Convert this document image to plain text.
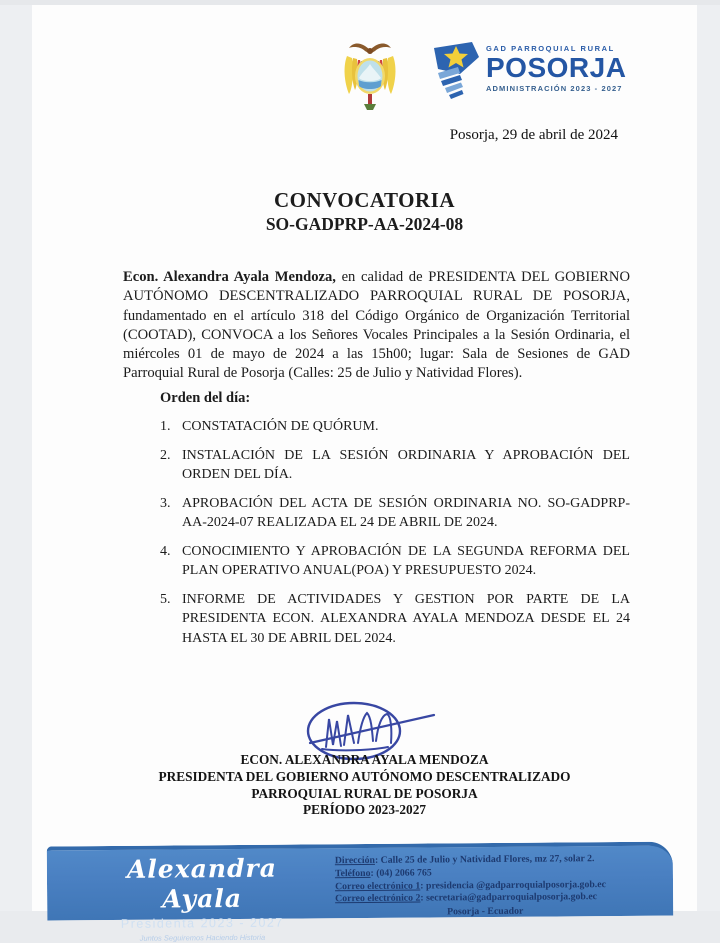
GAD PARROQUIAL RURAL
POSORJA
ADMINISTRACIÓN 2023 - 2027
Posorja, 29 de abril de 2024
CONVOCATORIA
SO-GADPRP-AA-2024-08

Econ. Alexandra Ayala Mendoza, en calidad de PRESIDENTA DEL GOBIERNO AUTÓNOMO DESCENTRALIZADO PARROQUIAL RURAL DE POSORJA, fundamentado en el artículo 318 del Código Orgánico de Organización Territorial (COOTAD), CONVOCA a los Señores Vocales Principales a la Sesión Ordinaria, el miércoles 01 de mayo de 2024 a las 15h00; lugar: Sala de Sesiones de GAD Parroquial Rural de Posorja (Calles: 25 de Julio y Natividad Flores).

Orden del día:
CONSTATACIÓN DE QUÓRUM.
INSTALACIÓN DE LA SESIÓN ORDINARIA Y APROBACIÓN DEL ORDEN DEL DÍA.
APROBACIÓN DEL ACTA DE SESIÓN ORDINARIA NO. SO-GADPRP- AA-2024-07 REALIZADA EL 24 DE ABRIL DE 2024.
CONOCIMIENTO Y APROBACIÓN DE LA SEGUNDA REFORMA DEL PLAN OPERATIVO ANUAL(POA) Y PRESUPUESTO 2024.
INFORME DE ACTIVIDADES Y GESTION POR PARTE DE LA PRESIDENTA ECON. ALEXANDRA AYALA MENDOZA DESDE EL 24 HASTA EL 30 DE ABRIL DEL 2024.
ECON. ALEXANDRA AYALA MENDOZA
PRESIDENTA DEL GOBIERNO AUTÓNOMO DESCENTRALIZADO
PARROQUIAL RURAL DE POSORJA
PERÍODO 2023-2027
Alexandra Ayala
Presidenta 2023 - 2027
Juntos Seguiremos Haciendo Historia
Dirección: Calle 25 de Julio y Natividad Flores, mz 27, solar 2.
Teléfono: (04) 2066 765
Correo electrónico 1: presidencia @gadparroquialposorja.gob.ec
Correo electrónico 2: secretaria@gadparroquialposorja.gob.ec
Posorja - Ecuador
